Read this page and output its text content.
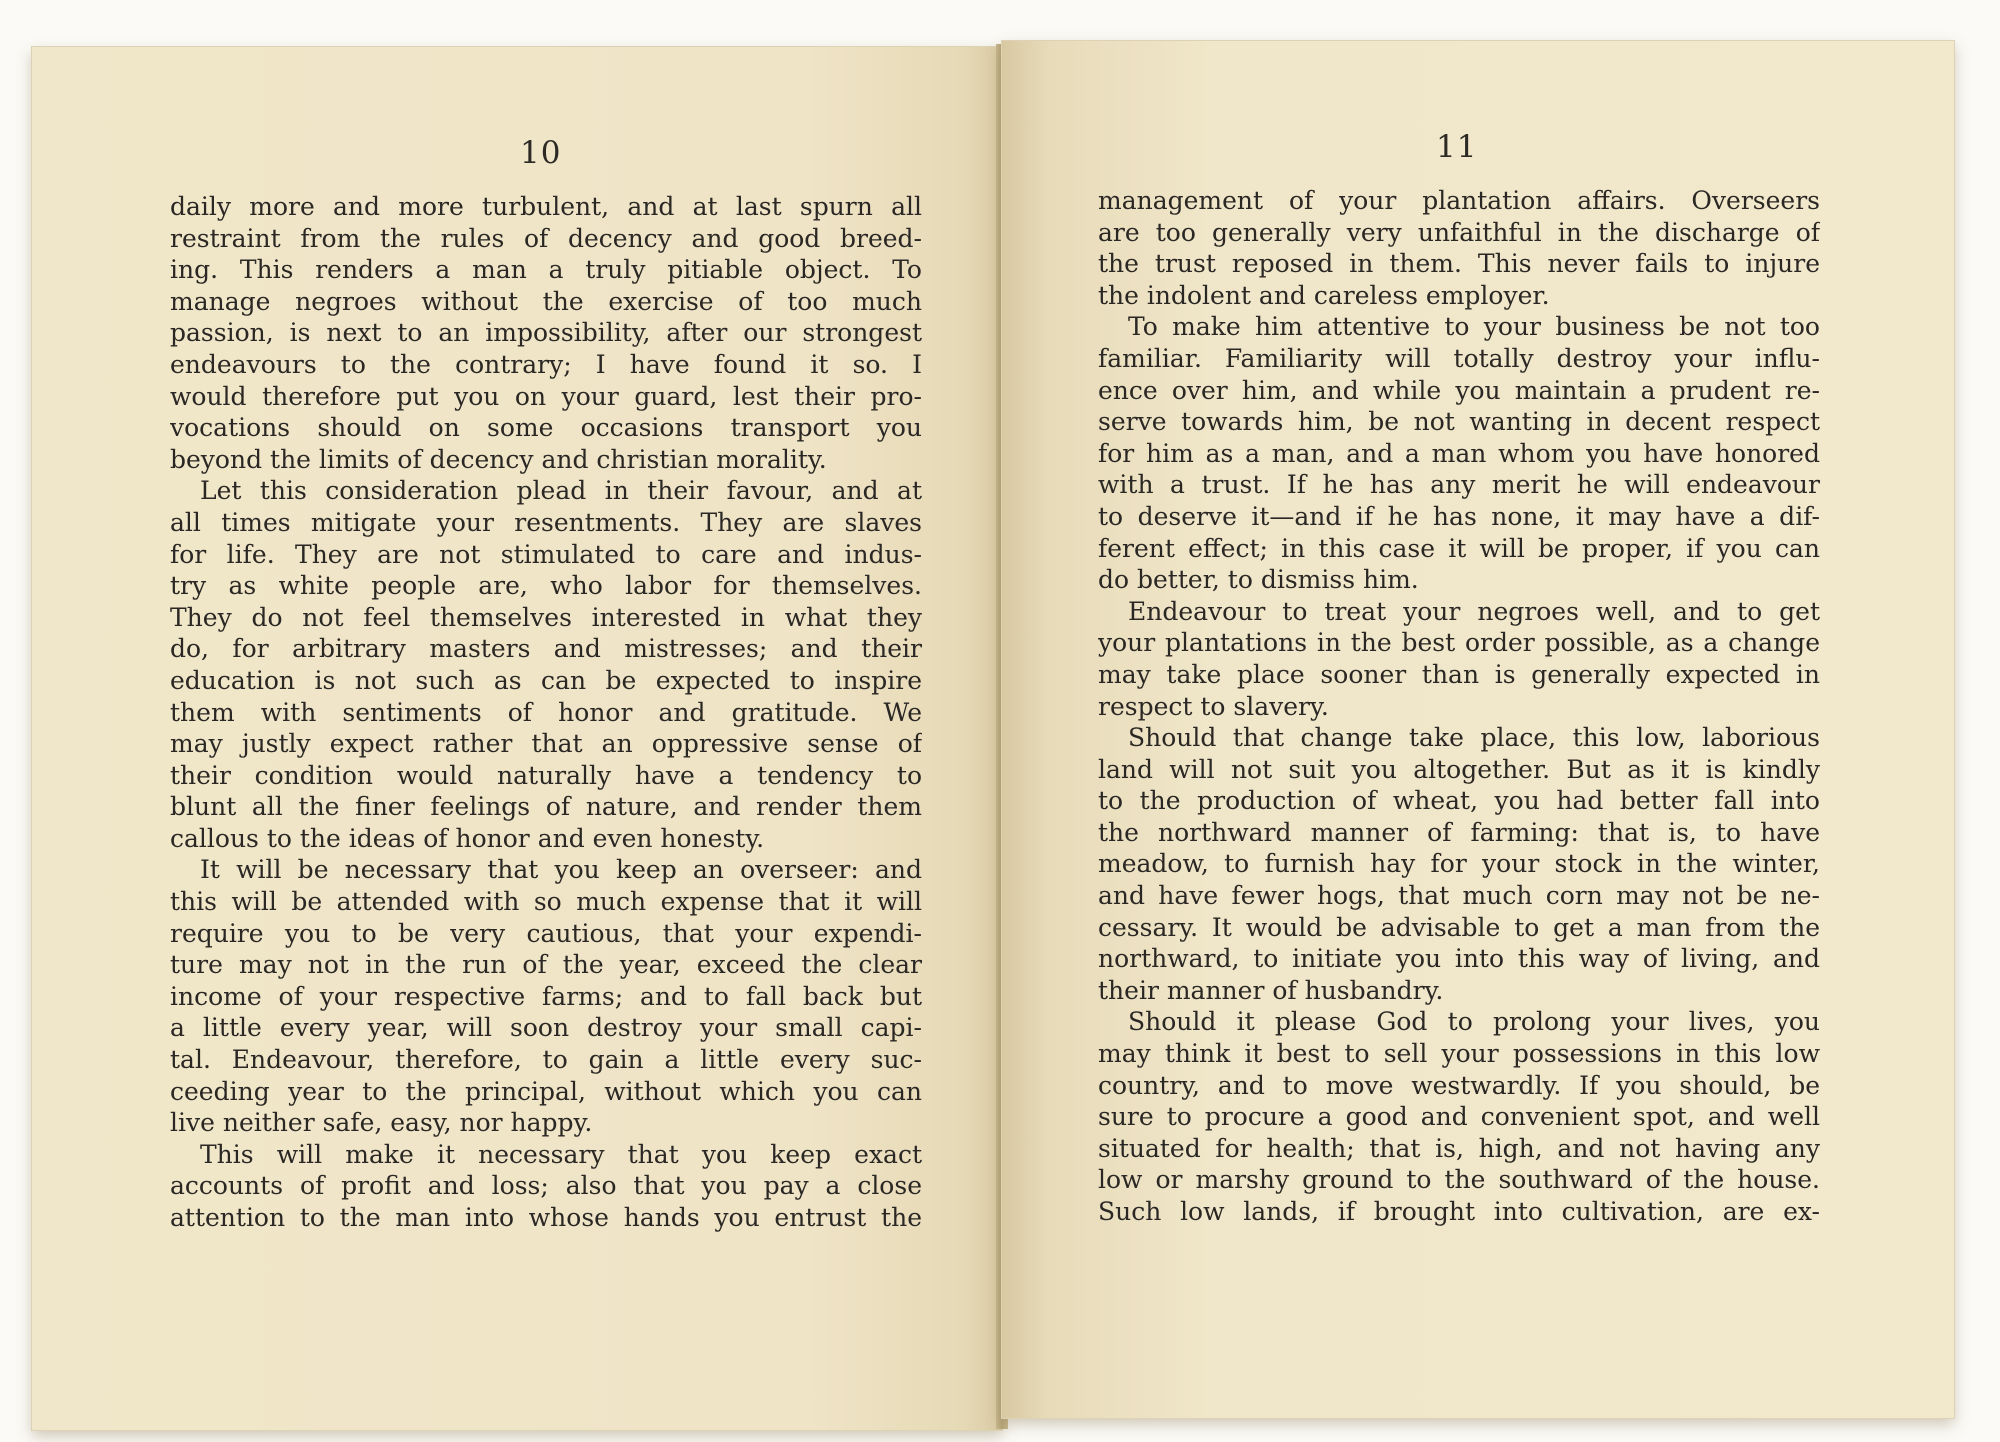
10

daily more and more turbulent, and at last spurn all

restraint from the rules of decency and good breed-

ing. This renders a man a truly pitiable object. To

manage negroes without the exercise of too much

passion, is next to an impossibility, after our strongest

endeavours to the contrary; I have found it so. I

would therefore put you on your guard, lest their pro-

vocations should on some occasions transport you

beyond the limits of decency and christian morality.

Let this consideration plead in their favour, and at

all times mitigate your resentments. They are slaves

for life. They are not stimulated to care and indus-

try as white people are, who labor for themselves.

They do not feel themselves interested in what they

do, for arbitrary masters and mistresses; and their

education is not such as can be expected to inspire

them with sentiments of honor and gratitude. We

may justly expect rather that an oppressive sense of

their condition would naturally have a tendency to

blunt all the finer feelings of nature, and render them

callous to the ideas of honor and even honesty.

It will be necessary that you keep an overseer: and

this will be attended with so much expense that it will

require you to be very cautious, that your expendi-

ture may not in the run of the year, exceed the clear

income of your respective farms; and to fall back but

a little every year, will soon destroy your small capi-

tal. Endeavour, therefore, to gain a little every suc-

ceeding year to the principal, without which you can

live neither safe, easy, nor happy.

This will make it necessary that you keep exact

accounts of profit and loss; also that you pay a close

attention to the man into whose hands you entrust the

11

management of your plantation affairs. Overseers

are too generally very unfaithful in the discharge of

the trust reposed in them. This never fails to injure

the indolent and careless employer.

To make him attentive to your business be not too

familiar. Familiarity will totally destroy your influ-

ence over him, and while you maintain a prudent re-

serve towards him, be not wanting in decent respect

for him as a man, and a man whom you have honored

with a trust. If he has any merit he will endeavour

to deserve it—and if he has none, it may have a dif-

ferent effect; in this case it will be proper, if you can

do better, to dismiss him.

Endeavour to treat your negroes well, and to get

your plantations in the best order possible, as a change

may take place sooner than is generally expected in

respect to slavery.

Should that change take place, this low, laborious

land will not suit you altogether. But as it is kindly

to the production of wheat, you had better fall into

the northward manner of farming: that is, to have

meadow, to furnish hay for your stock in the winter,

and have fewer hogs, that much corn may not be ne-

cessary. It would be advisable to get a man from the

northward, to initiate you into this way of living, and

their manner of husbandry.

Should it please God to prolong your lives, you

may think it best to sell your possessions in this low

country, and to move westwardly. If you should, be

sure to procure a good and convenient spot, and well

situated for health; that is, high, and not having any

low or marshy ground to the southward of the house.

Such low lands, if brought into cultivation, are ex-
